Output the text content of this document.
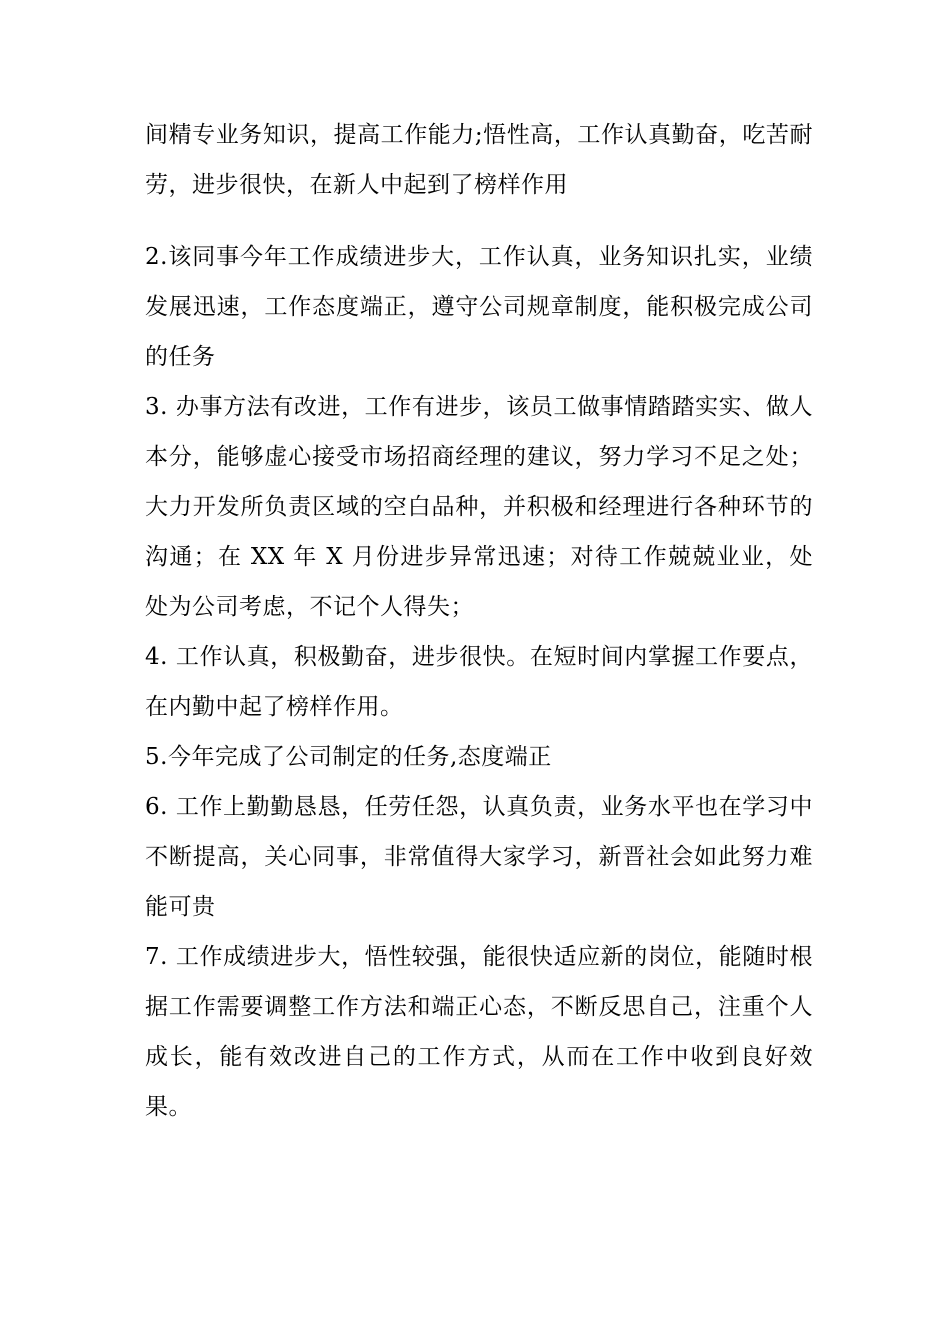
间精专业务知识，提高工作能力;悟性高，工作认真勤奋，吃苦耐劳，进步很快，在新人中起到了榜样作用

2.该同事今年工作成绩进步大，工作认真，业务知识扎实，业绩发展迅速，工作态度端正，遵守公司规章制度，能积极完成公司的任务

3. 办事方法有改进，工作有进步，该员工做事情踏踏实实、做人本分，能够虚心接受市场招商经理的建议，努力学习不足之处；大力开发所负责区域的空白品种，并积极和经理进行各种环节的沟通；在 XX 年 X 月份进步异常迅速；对待工作兢兢业业，处处为公司考虑，不记个人得失；

4. 工作认真，积极勤奋，进步很快。在短时间内掌握工作要点，在内勤中起了榜样作用。

5.今年完成了公司制定的任务,态度端正

6. 工作上勤勤恳恳，任劳任怨，认真负责，业务水平也在学习中不断提高，关心同事，非常值得大家学习，新晋社会如此努力难能可贵

7. 工作成绩进步大，悟性较强，能很快适应新的岗位，能随时根据工作需要调整工作方法和端正心态，不断反思自己，注重个人成长，能有效改进自己的工作方式，从而在工作中收到良好效果。
